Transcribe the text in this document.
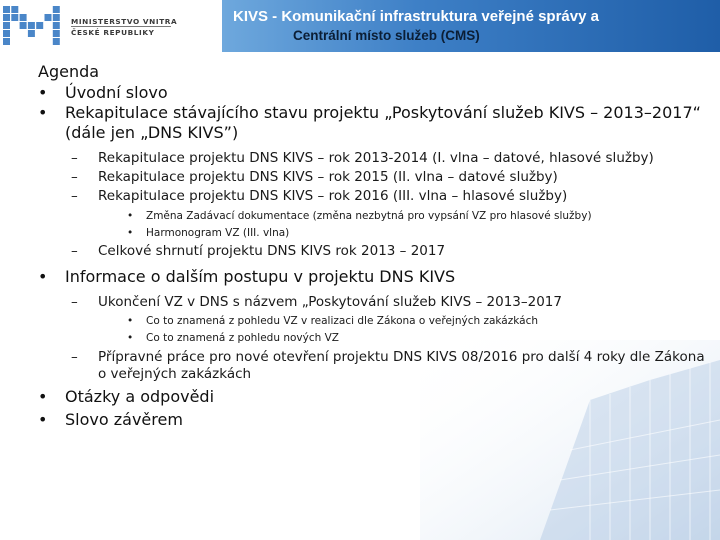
MINISTERSTVO VNITRA
ČESKÉ REPUBLIKY
KIVS - Komunikační infrastruktura veřejné správy a
Centrální místo služeb (CMS)
Agenda
•	Úvodní slovo
•	Rekapitulace stávajícího stavu projektu „Poskytování služeb KIVS – 2013–2017“ (dále jen „DNS KIVS”)
– Rekapitulace projektu DNS KIVS – rok 2013-2014 (I. vlna – datové, hlasové služby)
– Rekapitulace projektu DNS KIVS – rok 2015 (II. vlna – datové služby)
– Rekapitulace projektu DNS KIVS – rok 2016 (III. vlna – hlasové služby)
• Změna Zadávací dokumentace (změna nezbytná pro vypsání VZ pro hlasové služby)
• Harmonogram VZ (III. vlna)
– Celkové shrnutí projektu DNS KIVS rok 2013 – 2017
•	Informace o dalším postupu v projektu DNS KIVS
– Ukončení VZ v DNS s názvem „Poskytování služeb KIVS – 2013–2017
• Co to znamená z pohledu VZ v realizaci dle Zákona o veřejných zakázkách
• Co to znamená z pohledu nových VZ
– Přípravné práce pro nové otevření projektu DNS KIVS 08/2016 pro další 4 roky dle Zákona o veřejných zakázkách
•	Otázky a odpovědi
•	Slovo závěrem
